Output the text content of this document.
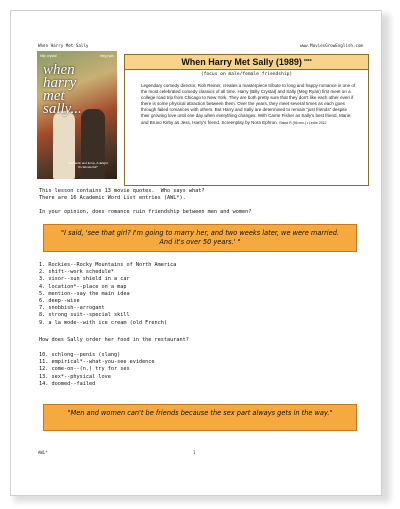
When Harry Met Sally	www.MoviesGrowEnglish.com
billy crystal	meg ryan
when
harry
met
sally...
"Romantic and funny. A delight. It's Wonderful!"
When Harry Met Sally
(1989) ****
(focus on male/female friendship)
Legendary comedy director, Rob Reiner, creates a masterpiece tribute to long and happy romance in one of the most celebrated comedy classics of all time. Harry (Billy Crystal) and Sally (Meg Ryan) first meet on a college road trip from Chicago to New York. They are both pretty sure that they don't like each other even if there is some physical attraction between them. Over the years, they meet several times as each goes through failed romances with others. But Harry and Sally are determined to remain "just friends" despite their growing love until one day when everything changes. With Carrie Fisher as Sally's best friend, Marie, and Bruno Kirby as Jess, Harry's friend. Screenplay by Nora Ephron. Rated R (96 min.) • Lexile 2012
This lesson contains 13 movie quotes.  Who says what?
There are 16 Academic Word List entries (AWL*).
In your opinion, does romance ruin friendship between men and women?
"I said, 'see that girl? I'm going to marry her, and two weeks later, we were married. And it's over 50 years.' "
1. Rockies--Rocky Mountains of North America
2. shift--work schedule*
3. visor--sun shield in a car
4. location*--place on a map
5. mention--say the main idea
6. deep--wise
7. snobbish--arrogant
8. strong suit--special skill
9. a la mode--with ice cream (old French)
How does Sally order her food in the restaurant?
10. schlong--penis (slang)
11. empirical*--what-you-see evidence
12. come-on--(n.) try for sex
13. sex*--physical love
14. doomed--failed
"Men and women can't be friends because the sex part always gets in the way."
AWL*	1
